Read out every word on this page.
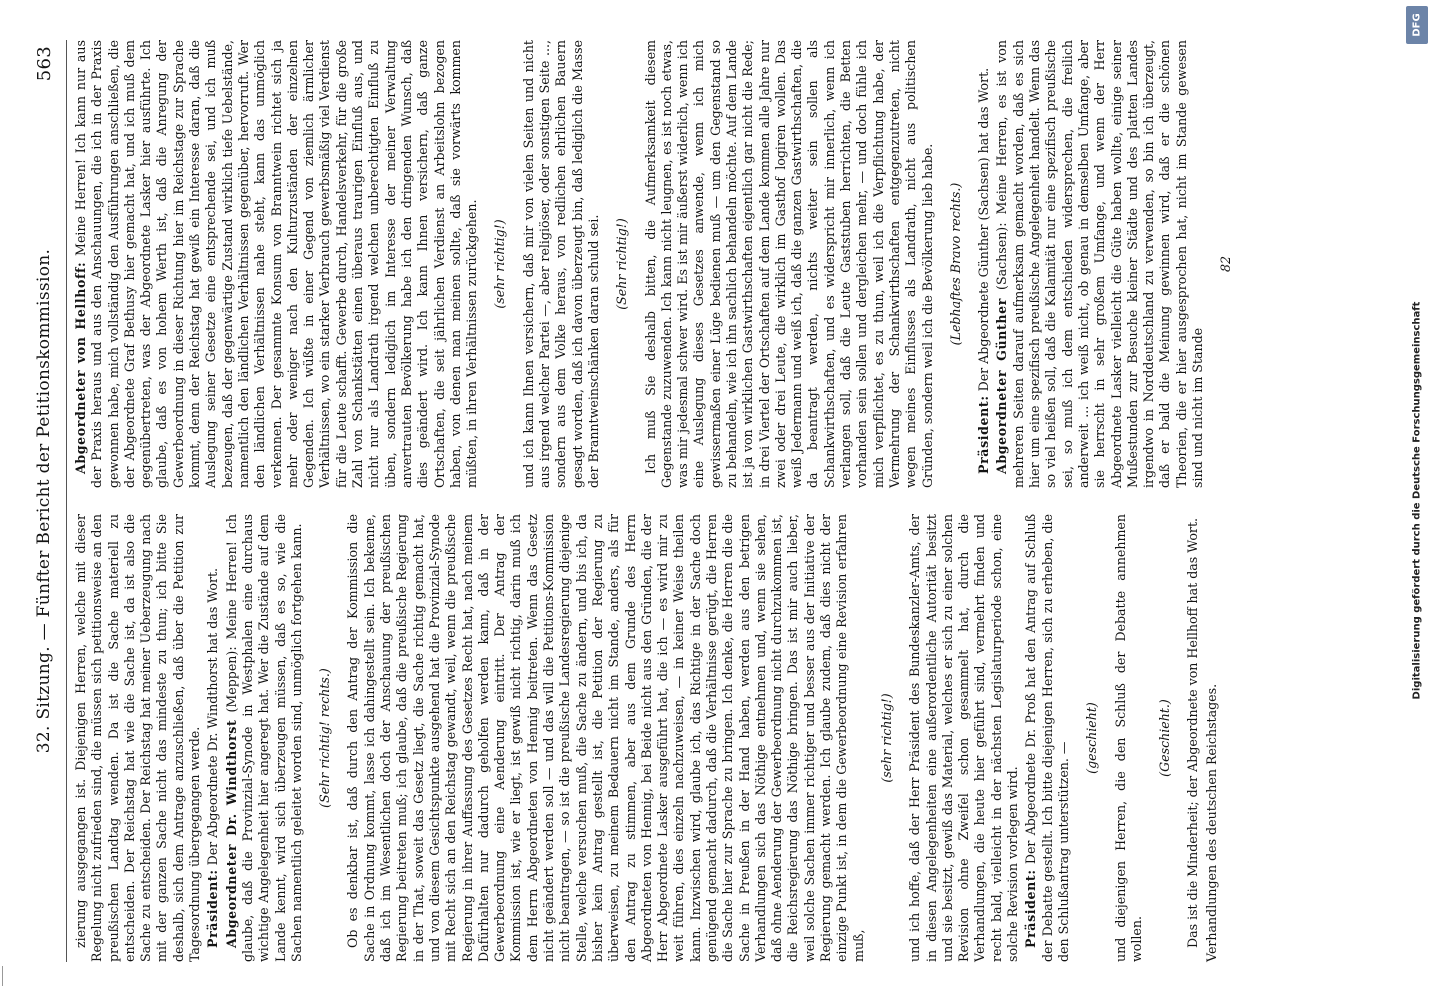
32. Sitzung. — Fünfter Bericht der Petitionskommission.
563

zierung ausgegangen ist. Diejenigen Herren, welche mit dieser Regelung nicht zufrieden sind, die müssen sich petitionsweise an den preußischen Landtag wenden. Da ist die Sache materiell zu entscheiden. Der Reichstag hat wie die Sache ist, da ist also die Sache zu entscheiden. Der Reichstag hat meiner Ueberzeugung nach mit der ganzen Sache nicht das mindeste zu thun; ich bitte Sie deshalb, sich dem Antrage anzuschließen, daß über die Petition zur Tagesordnung übergegangen werde. Präsident: Der Abgeordnete Dr. Windthorst hat das Wort. Abgeordneter Dr. Windthorst (Meppen): Meine Herren! Ich glaube, daß die Provinzial-Synode in Westphalen eine durchaus wichtige Angelegenheit hier angeregt hat. Wer die Zustände auf dem Lande kennt, wird sich überzeugen müssen, daß es so, wie die Sachen namentlich geleitet worden sind, unmöglich fortgehen kann. (Sehr richtig! rechts.) Ob es denkbar ist, daß durch den Antrag der Kommission die Sache in Ordnung kommt, lasse ich dahingestellt sein. Ich bekenne, daß ich im Wesentlichen doch der Anschauung der preußischen Regierung beitreten muß; ich glaube, daß die preußische Regierung in der That, soweit das Gesetz liegt, die Sache richtig gemacht hat, und von diesem Gesichtspunkte ausgehend hat die Provinzial-Synode mit Recht sich an den Reichstag gewandt, weil, wenn die preußische Regierung in ihrer Auffassung des Gesetzes Recht hat, nach meinem Dafürhalten nur dadurch geholfen werden kann, daß in der Gewerbeordnung eine Aenderung eintritt. Der Antrag der Kommission ist, wie er liegt, ist gewiß nicht richtig, darin muß ich dem Herrn Abgeordneten von Hennig beitreten. Wenn das Gesetz nicht geändert werden soll — und das will die Petitions-Kommission nicht beantragen, — so ist die preußische Landesregierung diejenige Stelle, welche versuchen muß, die Sache zu ändern, und bis ich, da bisher kein Antrag gestellt ist, die Petition der Regierung zu überweisen, zu meinem Bedauern nicht im Stande, anders, als für den Antrag zu stimmen, aber aus dem Grunde des Herrn Abgeordneten von Hennig, bei Beide nicht aus den Gründen, die der Herr Abgeordnete Lasker ausgeführt hat, die ich — es wird mir zu weit führen, dies einzeln nachzuweisen, — in keiner Weise theilen kann. Inzwischen wird, glaube ich, das Richtige in der Sache doch genügend gemacht dadurch, daß die Verhältnisse gerügt, die Herren die Sache hier zur Sprache zu bringen. Ich denke, die Herren die die Sache in Preußen in der Hand haben, werden aus den betrigen Verhandlungen sich das Nöthige entnehmen und, wenn sie sehen, daß ohne Aenderung der Gewerbeordnung nicht durchzukommen ist, die Reichsregierung das Nöthige bringen. Das ist mir auch lieber, weil solche Sachen immer richtiger und besser aus der Initiative der Regierung gemacht werden. Ich glaube zudem, daß dies nicht der einzige Punkt ist, in dem die Gewerbeordnung eine Revision erfahren muß,

(sehr richtig!) und ich hoffe, daß der Herr Präsident des Bundeskanzler-Amts, der in diesen Angelegenheiten eine außerordentliche Autorität besitzt und sie besitzt, gewiß das Material, welches er sich zu einer solchen Revision ohne Zweifel schon gesammelt hat, durch die Verhandlungen, die heute hier geführt sind, vermehrt finden und recht bald, vielleicht in der nächsten Legislaturperiode schon, eine solche Revision vorlegen wird. Präsident: Der Abgeordnete Dr. Proß hat den Antrag auf Schluß der Debatte gestellt. Ich bitte diejenigen Herren, sich zu erheben, die den Schlußantrag unterstützen. —

(geschieht) und diejenigen Herren, die den Schluß der Debatte annehmen wollen.

(Geschieht.) Das ist die Minderheit; der Abgeordnete von Hellhoff hat das Wort. Verhandlungen des deutschen Reichstages.

Abgeordneter von Hellhoff: Meine Herren! Ich kann nur aus der Praxis heraus und aus den Anschauungen, die ich in der Praxis gewonnen habe, mich vollständig den Ausführungen anschließen, die der Abgeordnete Graf Bethusy hier gemacht hat, und ich muß dem gegenübertreten, was der Abgeordnete Lasker hier ausführte. Ich glaube, daß es von hohem Werth ist, daß die Anregung der Gewerbeordnung in dieser Richtung hier im Reichstage zur Sprache kommt, denn der Reichstag hat gewiß ein Interesse daran, daß die Auslegung seiner Gesetze eine entsprechende sei, und ich muß bezeugen, daß der gegenwärtige Zustand wirklich tiefe Uebelstände, namentlich den ländlichen Verhältnissen gegenüber, hervorruft. Wer den ländlichen Verhältnissen nahe steht, kann das unmöglich verkennen. Der gesammte Konsum von Branntwein richtet sich ja mehr oder weniger nach den Kulturzuständen der einzelnen Gegenden. Ich wüßte in einer Gegend von ziemlich ärmlicher Verhältnissen, wo ein starker Verbrauch gewerbsmäßig viel Verdienst für die Leute schafft. Gewerbe durch, Handelsverkehr, für die große Zahl von Schankstätten einen überaus traurigen Einfluß aus, und nicht nur als Landrath irgend welchen unberechtigten Einfluß zu üben, sondern lediglich im Interesse der meiner Verwaltung anvertrauten Bevölkerung habe ich den dringenden Wunsch, daß dies geändert wird. Ich kann Ihnen versichern, daß ganze Ortschaften, die seit jährlichen Verdienst an Arbeitslohn bezogen haben, von denen man meinen sollte, daß sie vorwärts kommen müßten, in ihren Verhältnissen zurückgehen. (sehr richtig!) und ich kann Ihnen versichern, daß mir von vielen Seiten und nicht aus irgend welcher Partei —, aber religiöser, oder sonstigen Seite ..., sondern aus dem Volke heraus, von redlichen ehrlichen Bauern gesagt worden, daß ich davon überzeugt bin, daß lediglich die Masse der Branntweinschänken daran schuld sei. (Sehr richtig!) Ich muß Sie deshalb bitten, die Aufmerksamkeit diesem Gegenstande zuzuwenden. Ich kann nicht leugnen, es ist noch etwas, was mir jedesmal schwer wird. Es ist mir äußerst widerlich, wenn ich eine Auslegung dieses Gesetzes anwende, wenn ich mich gewissermaßen einer Lüge bedienen muß — um den Gegenstand so zu behandeln, wie ich ihn sachlich behandeln möchte. Auf dem Lande ist ja von wirklichen Gastwirthschaften eigentlich gar nicht die Rede; in drei Viertel der Ortschaften auf dem Lande kommen alle Jahre nur zwei oder drei Leute, die wirklich im Gasthof logiren wollen. Das weiß Jedermann und weiß ich, daß die ganzen Gastwirthschaften, die da beantragt werden, nichts weiter sein sollen als Schankwirthschaften, und es widerspricht mir innerlich, wenn ich verlangen soll, daß die Leute Gaststuben herrichten, die Betten vorhanden sein sollen und dergleichen mehr, — und doch fühle ich mich verpflichtet, es zu thun, weil ich die Verpflichtung habe, der Vermehrung der Schankwirthschaften entgegenzutreten, nicht wegen meines Einflusses als Landrath, nicht aus politischen Gründen, sondern weil ich die Bevölkerung lieb habe. (Lebhaftes Bravo rechts.)

Präsident: Der Abgeordnete Günther (Sachsen) hat das Wort. Abgeordneter Günther (Sachsen): Meine Herren, es ist von mehreren Seiten darauf aufmerksam gemacht worden, daß es sich hier um eine spezifisch preußische Angelegenheit handelt. Wenn das so viel heißen soll, daß die Kalamität nur eine spezifisch preußische sei, so muß ich dem entschieden widersprechen, die freilich anderweit ... ich weiß nicht, ob genau in demselben Umfange, aber sie herrscht in sehr großem Umfange, und wenn der Herr Abgeordnete Lasker vielleicht die Güte haben wollte, einige seiner Mußestunden zur Besuche kleiner Städte und des platten Landes irgendwo in Norddeutschland zu verwenden, so bin ich überzeugt, daß er bald die Meinung gewinnen wird, daß er die schönen Theorien, die er hier ausgesprochen hat, nicht im Stande gewesen sind und nicht im Stande

82

DFG
Digitalisierung gefördert durch die Deutsche Forschungsgemeinschaft
